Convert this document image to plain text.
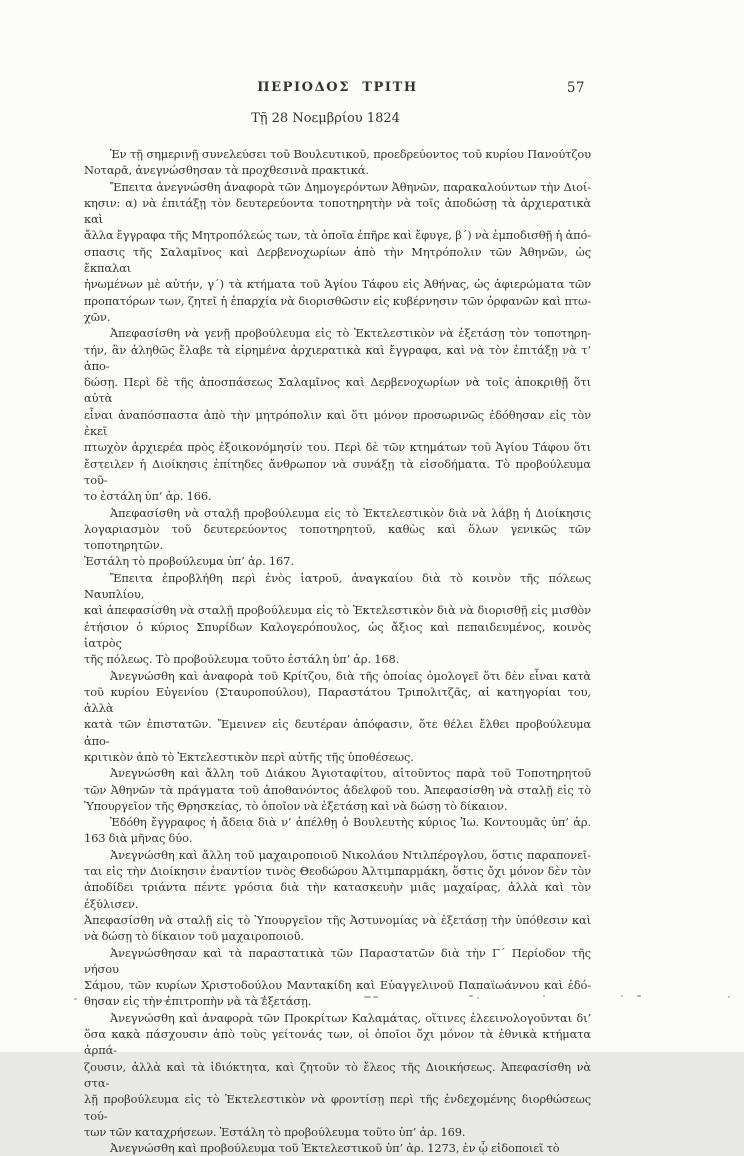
ΠΕΡΙΟΔΟΣ  ΤΡΙΤΗ	57
Τῇ 28 Νοεμβρίου 1824

Ἐν τῇ σημερινῇ συνελεύσει τοῦ Βουλευτικοῦ, προεδρεύοντος τοῦ κυρίου Πανούτζου
Νοταρᾶ, ἀνεγνώσθησαν τὰ προχθεσινὰ πρακτικά.

Ἔπειτα ἀνεγνώσθη ἀναφορὰ τῶν Δημογερόντων Ἀθηνῶν, παρακαλούντων τὴν Διοί-
κησιν: α) νὰ ἐπιτάξῃ τὸν δευτερεύοντα τοποτηρητὴν νὰ τοῖς ἀποδώσῃ τὰ ἀρχιερατικὰ καὶ
ἄλλα ἔγγραφα τῆς Μητροπόλεώς των, τὰ ὁποῖα ἐπῆρε καὶ ἔφυγε, β΄) νὰ ἐμποδισθῇ ἡ ἀπό-
σπασις τῆς Σαλαμῖνος καὶ Δερβενοχωρίων ἀπὸ τὴν Μητρόπολιν τῶν Ἀθηνῶν, ὡς ἔκπαλαι
ἡνωμένων μὲ αὐτήν, γ΄) τὰ κτήματα τοῦ Ἁγίου Τάφου εἰς Ἀθήνας, ὡς ἀφιερώματα τῶν
προπατόρων των, ζητεῖ ἡ ἐπαρχία νὰ διορισθῶσιν εἰς κυβέρνησιν τῶν ὀρφανῶν καὶ πτω-
χῶν.

Ἀπεφασίσθη νὰ γενῇ προβούλευμα εἰς τὸ Ἐκτελεστικὸν νὰ ἐξετάσῃ τὸν τοποτηρη-
τήν, ἂν ἀληθῶς ἔλαβε τὰ εἰρημένα ἀρχιερατικὰ καὶ ἔγγραφα, καὶ νὰ τὸν ἐπιτάξῃ νὰ τ’ ἀπο-
δώσῃ. Περὶ δὲ τῆς ἀποσπάσεως Σαλαμῖνος καὶ Δερβενοχωρίων νὰ τοῖς ἀποκριθῇ ὅτι αὐτὰ
εἶναι ἀναπόσπαστα ἀπὸ τὴν μητρόπολιν καὶ ὅτι μόνον προσωρινῶς ἐδόθησαν εἰς τὸν ἐκεῖ
πτωχὸν ἀρχιερέα πρὸς ἐξοικονόμησίν του. Περὶ δὲ τῶν κτημάτων τοῦ Ἁγίου Τάφου ὅτι
ἔστειλεν ἡ Διοίκησις ἐπίτηδες ἄνθρωπον νὰ συνάξῃ τὰ εἰσοδήματα. Τὸ προβούλευμα τοῦ-
το ἐστάλη ὑπ’ ἀρ. 166.

Ἀπεφασίσθη νὰ σταλῇ προβούλευμα εἰς τὸ Ἐκτελεστικὸν διὰ νὰ λάβῃ ἡ Διοίκησις
λογαριασμὸν τοῦ δευτερεύοντος τοποτηρητοῦ, καθὼς καὶ ὅλων γενικῶς τῶν τοποτηρητῶν.
Ἐστάλη τὸ προβούλευμα ὑπ’ ἀρ. 167.

Ἔπειτα ἐπροβλήθη περὶ ἑνὸς ἰατροῦ, ἀναγκαίου διὰ τὸ κοινὸν τῆς πόλεως Ναυπλίου,
καὶ ἀπεφασίσθη νὰ σταλῇ προβούλευμα εἰς τὸ Ἐκτελεστικὸν διὰ νὰ διορισθῇ εἰς μισθὸν
ἐτήσιον ὁ κύριος Σπυρίδων Καλογερόπουλος, ὡς ἄξιος καὶ πεπαιδευμένος, κοινὸς ἰατρὸς
τῆς πόλεως. Τὸ προβούλευμα τοῦτο ἐστάλη ὑπ’ ἀρ. 168.

Ἀνεγνώσθη καὶ ἀναφορὰ τοῦ Κρίτζου, διὰ τῆς ὁποίας ὁμολογεῖ ὅτι δὲν εἶναι κατὰ
τοῦ κυρίου Εὐγενίου (Σταυροπούλου), Παραστάτου Τριπολιτζᾶς, αἱ κατηγορίαι του, ἀλλὰ
κατὰ τῶν ἐπιστατῶν. Ἔμεινεν εἰς δευτέραν ἀπόφασιν, ὅτε θέλει ἔλθει προβούλευμα ἀπο-
κριτικὸν ἀπὸ τὸ Ἐκτελεστικὸν περὶ αὐτῆς τῆς ὑποθέσεως.

Ἀνεγνώσθη καὶ ἄλλη τοῦ Διάκου Ἁγιοταφίτου, αἰτοῦντος παρὰ τοῦ Τοποτηρητοῦ
τῶν Ἀθηνῶν τὰ πράγματα τοῦ ἀποθανόντος ἀδελφοῦ του. Ἀπεφασίσθη νὰ σταλῇ εἰς τὸ
Ὑπουργεῖον τῆς Θρησκείας, τὸ ὁποῖον νὰ ἐξετάσῃ καὶ νὰ δώσῃ τὸ δίκαιον.

Ἐδόθη ἔγγραφος ἡ ἄδεια διὰ ν’ ἀπέλθῃ ὁ Βουλευτὴς κύριος Ἰω. Κοντουμᾶς ὑπ’ ἀρ.
163 διὰ μῆνας δύο.

Ἀνεγνώσθη καὶ ἄλλη τοῦ μαχαιροποιοῦ Νικολάου Ντιλπέρογλου, ὅστις παραπονεῖ-
ται εἰς τὴν Διοίκησιν ἐναντίον τινὸς Θεοδώρου Ἀλτιμπαρμάκη, ὅστις ὄχι μόνον δὲν τὸν
ἀποδίδει τριάντα πέντε γρόσια διὰ τὴν κατασκευὴν μιᾶς μαχαίρας, ἀλλὰ καὶ τὸν ἐξύλισεν.
Ἀπεφασίσθη νὰ σταλῇ εἰς τὸ Ὑπουργεῖον τῆς Ἀστυνομίας νὰ ἐξετάσῃ τὴν ὑπόθεσιν καὶ
νὰ δώσῃ τὸ δίκαιον τοῦ μαχαιροποιοῦ.

Ἀνεγνώσθησαν καὶ τὰ παραστατικὰ τῶν Παραστατῶν διὰ τὴν Γ΄ Περίοδον τῆς νήσου
Σάμου, τῶν κυρίων Χριστοδούλου Μαντακίδη καὶ Εὐαγγελινοῦ Παπαϊωάννου καὶ ἐδό-
θησαν εἰς τὴν ἐπιτροπὴν νὰ τὰ ἐξετάσῃ.

Ἀνεγνώσθη καὶ ἀναφορὰ τῶν Προκρίτων Καλαμάτας, οἵτινες ἐλεεινολογοῦνται δι’
ὅσα κακὰ πάσχουσιν ἀπὸ τοὺς γείτονάς των, οἱ ὁποῖοι ὄχι μόνον τὰ ἐθνικὰ κτήματα ἁρπά-
ζουσιν, ἀλλὰ καὶ τὰ ἰδιόκτητα, καὶ ζητοῦν τὸ ἔλεος τῆς Διοικήσεως. Ἀπεφασίσθη νὰ στα-
λῇ προβούλευμα εἰς τὸ Ἐκτελεστικὸν νὰ φροντίσῃ περὶ τῆς ἐνδεχομένης διορθώσεως τού-
των τῶν καταχρήσεων. Ἐστάλη τὸ προβούλευμα τοῦτο ὑπ’ ἀρ. 169.

Ἀνεγνώσθη καὶ προβούλευμα τοῦ Ἐκτελεστικοῦ ὑπ’ ἀρ. 1273, ἐν ᾧ εἰδοποιεῖ τὸ
